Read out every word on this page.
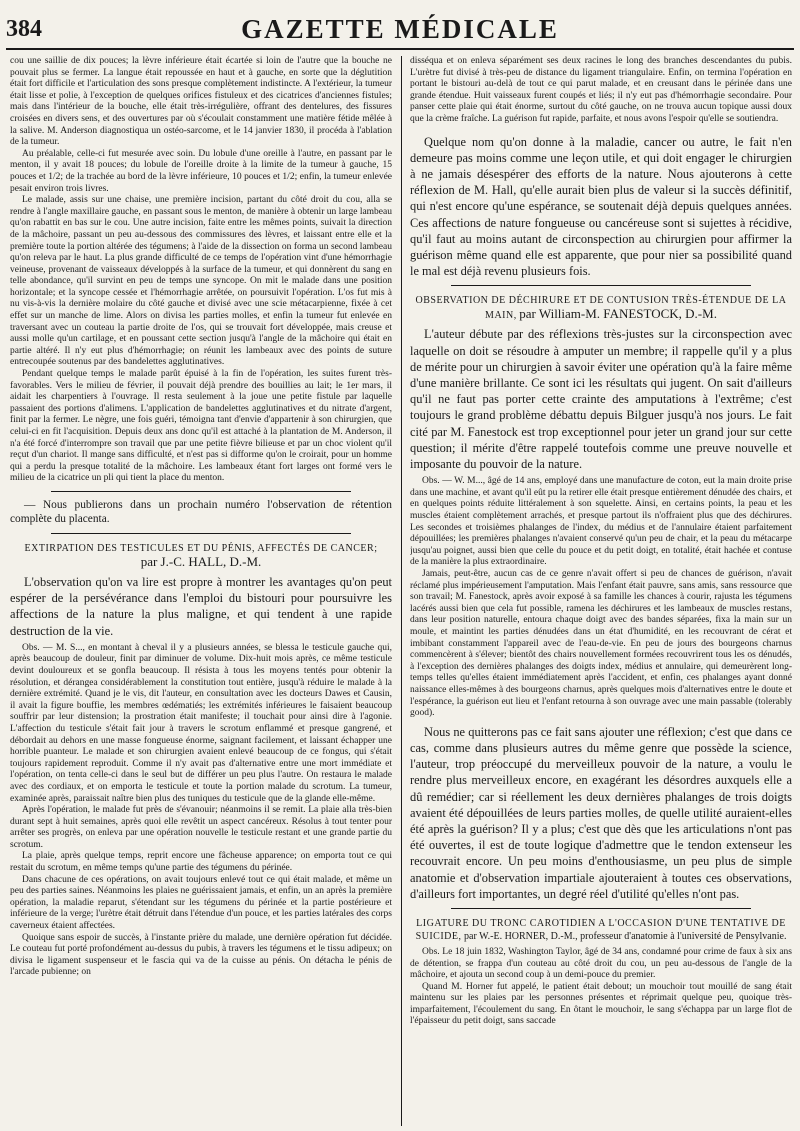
384	GAZETTE MÉDICALE

cou une saillie de dix pouces; la lèvre inférieure était écartée si loin de l'autre que la bouche ne pouvait plus se fermer. La langue était repoussée en haut et à gauche, en sorte que la déglutition était fort difficile et l'articulation des sons presque complètement indistincte. A l'extérieur, la tumeur était lisse et polie, à l'exception de quelques orifices fistuleux et des cicatrices d'anciennes fistules; mais dans l'intérieur de la bouche, elle était très-irrégulière, offrant des dentelures, des fissures croisées en divers sens, et des ouvertures par où s'écoulait constamment une matière fétide mêlée à la salive. M. Anderson diagnostiqua un ostéo-sarcome, et le 14 janvier 1830, il procéda à l'ablation de la tumeur.

Au préalable, celle-ci fut mesurée avec soin. Du lobule d'une oreille à l'autre, en passant par le menton, il y avait 18 pouces; du lobule de l'oreille droite à la limite de la tumeur à gauche, 15 pouces et 1/2; de la trachée au bord de la lèvre inférieure, 10 pouces et 1/2; enfin, la tumeur enlevée pesait environ trois livres.

Le malade, assis sur une chaise, une première incision, partant du côté droit du cou, alla se rendre à l'angle maxillaire gauche, en passant sous le menton, de manière à obtenir un large lambeau qu'on rabattit en bas sur le cou. Une autre incision, faite entre les mêmes points, suivait la direction de la mâchoire, passant un peu au-dessous des commissures des lèvres, et laissant entre elle et la première toute la portion altérée des tégumens; à l'aide de la dissection on forma un second lambeau qu'on releva par le haut. La plus grande difficulté de ce temps de l'opération vint d'une hémorrhagie veineuse, provenant de vaisseaux développés à la surface de la tumeur, et qui donnèrent du sang en telle abondance, qu'il survint en peu de temps une syncope. On mit le malade dans une position horizontale; et la syncope cessée et l'hémorrhagie arrêtée, on poursuivit l'opération. L'os fut mis à nu vis-à-vis la dernière molaire du côté gauche et divisé avec une scie métacarpienne, fixée à cet effet sur un manche de lime. Alors on divisa les parties molles, et enfin la tumeur fut enlevée en traversant avec un couteau la partie droite de l'os, qui se trouvait fort développée, mais creuse et aussi molle qu'un cartilage, et en poussant cette section jusqu'à l'angle de la mâchoire qui était en partie altéré. Il n'y eut plus d'hémorrhagie; on réunit les lambeaux avec des points de suture entrecoupée soutenus par des bandelettes agglutinatives.

Pendant quelque temps le malade parût épuisé à la fin de l'opération, les suites furent très-favorables. Vers le milieu de février, il pouvait déjà prendre des bouillies au lait; le 1er mars, il aidait les charpentiers à l'ouvrage. Il resta seulement à la joue une petite fistule par laquelle passaient des portions d'alimens. L'application de bandelettes agglutinatives et du nitrate d'argent, finit par la fermer. Le nègre, une fois guéri, témoigna tant d'envie d'appartenir à son chirurgien, que celui-ci en fit l'acquisition. Depuis deux ans donc qu'il est attaché à la plantation de M. Anderson, il n'a été forcé d'interrompre son travail que par une petite fièvre bilieuse et par un choc violent qu'il reçut d'un chariot. Il mange sans difficulté, et n'est pas si difforme qu'on le croirait, pour un homme qui a perdu la presque totalité de la mâchoire. Les lambeaux étant fort larges ont formé vers le milieu de la cicatrice un pli qui tient la place du menton.

— Nous publierons dans un prochain numéro l'observation de rétention complète du placenta.

EXTIRPATION DES TESTICULES ET DU PÉNIS, AFFECTÉS DE CANCER;
par J.-C. HALL, D.-M.

L'observation qu'on va lire est propre à montrer les avantages qu'on peut espérer de la persévérance dans l'emploi du bistouri pour poursuivre les affections de la nature la plus maligne, et qui tendent à une rapide destruction de la vie.

Obs. — M. S..., en montant à cheval il y a plusieurs années, se blessa le testicule gauche qui, après beaucoup de douleur, finit par diminuer de volume. Dix-huit mois après, ce même testicule devint douloureux et se gonfla beaucoup. Il résista à tous les moyens tentés pour obtenir la résolution, et dérangea considérablement la constitution tout entière, jusqu'à réduire le malade à la dernière extrémité. Quand je le vis, dit l'auteur, en consultation avec les docteurs Dawes et Causin, il avait la figure bouffie, les membres œdématiés; les extrémités inférieures le faisaient beaucoup souffrir par leur distension; la prostration était manifeste; il touchait pour ainsi dire à l'agonie. L'affection du testicule s'était fait jour à travers le scrotum enflammé et presque gangrené, et débordait au dehors en une masse fongueuse énorme, saignant facilement, et laissant échapper une horrible puanteur. Le malade et son chirurgien avaient enlevé beaucoup de ce fongus, qui s'était toujours rapidement reproduit. Comme il n'y avait pas d'alternative entre une mort immédiate et l'opération, on tenta celle-ci dans le seul but de différer un peu plus l'autre. On restaura le malade avec des cordiaux, et on emporta le testicule et toute la portion malade du scrotum. La tumeur, examinée après, paraissait naître bien plus des tuniques du testicule que de la glande elle-même.

Après l'opération, le malade fut près de s'évanouir; néanmoins il se remit. La plaie alla très-bien durant sept à huit semaines, après quoi elle revêtit un aspect cancéreux. Résolus à tout tenter pour arrêter ses progrès, on enleva par une opération nouvelle le testicule restant et une grande partie du scrotum.

La plaie, après quelque temps, reprit encore une fâcheuse apparence; on emporta tout ce qui restait du scrotum, en même temps qu'une partie des tégumens du périnée.

Dans chacune de ces opérations, on avait toujours enlevé tout ce qui était malade, et même un peu des parties saines. Néanmoins les plaies ne guérissaient jamais, et enfin, un an après la première opération, la maladie reparut, s'étendant sur les tégumens du périnée et la partie postérieure et inférieure de la verge; l'urètre était détruit dans l'étendue d'un pouce, et les parties latérales des corps caverneux étaient affectées.

Quoique sans espoir de succès, à l'instante prière du malade, une dernière opération fut décidée. Le couteau fut porté profondément au-dessus du pubis, à travers les tégumens et le tissu adipeux; on divisa le ligament suspenseur et le fascia qui va de la cuisse au pénis. On détacha le pénis de l'arcade pubienne; on

disséqua et on enleva séparément ses deux racines le long des branches descendantes du pubis. L'urètre fut divisé à très-peu de distance du ligament triangulaire. Enfin, on termina l'opération en portant le bistouri au-delà de tout ce qui parut malade, et en creusant dans le périnée dans une grande étendue. Huit vaisseaux furent coupés et liés; il n'y eut pas d'hémorrhagie secondaire. Pour panser cette plaie qui était énorme, surtout du côté gauche, on ne trouva aucun topique aussi doux que la crème fraîche. La guérison fut rapide, parfaite, et nous avons l'espoir qu'elle se soutiendra.

Quelque nom qu'on donne à la maladie, cancer ou autre, le fait n'en demeure pas moins comme une leçon utile, et qui doit engager le chirurgien à ne jamais désespérer des efforts de la nature. Nous ajouterons à cette réflexion de M. Hall, qu'elle aurait bien plus de valeur si la succès définitif, qui n'est encore qu'une espérance, se soutenait déjà depuis quelques années. Ces affections de nature fongueuse ou cancéreuse sont si sujettes à récidive, qu'il faut au moins autant de circonspection au chirurgien pour affirmer la guérison même quand elle est apparente, que pour nier sa possibilité quand le mal est déjà revenu plusieurs fois.

OBSERVATION DE DÉCHIRURE ET DE CONTUSION TRÈS-ÉTENDUE DE LA MAIN, par William-M. FANESTOCK, D.-M.

L'auteur débute par des réflexions très-justes sur la circonspection avec laquelle on doit se résoudre à amputer un membre; il rappelle qu'il y a plus de mérite pour un chirurgien à savoir éviter une opération qu'à la faire même d'une manière brillante. Ce sont ici les résultats qui jugent. On sait d'ailleurs qu'il ne faut pas porter cette crainte des amputations à l'extrême; c'est toujours le grand problème débattu depuis Bilguer jusqu'à nos jours. Le fait cité par M. Fanestock est trop exceptionnel pour jeter un grand jour sur cette question; il mérite d'être rappelé toutefois comme une preuve nouvelle et imposante du pouvoir de la nature.

Obs. — W. M..., âgé de 14 ans, employé dans une manufacture de coton, eut la main droite prise dans une machine, et avant qu'il eût pu la retirer elle était presque entièrement dénudée des chairs, et en quelques points réduite littéralement à son squelette. Ainsi, en certains points, la peau et les muscles étaient complètement arrachés, et presque partout ils n'offraient plus que des déchirures. Les secondes et troisièmes phalanges de l'index, du médius et de l'annulaire étaient parfaitement dépouillées; les premières phalanges n'avaient conservé qu'un peu de chair, et la peau du métacarpe jusqu'au poignet, aussi bien que celle du pouce et du petit doigt, en totalité, était hachée et contuse de la manière la plus extraordinaire.

Jamais, peut-être, aucun cas de ce genre n'avait offert si peu de chances de guérison, n'avait réclamé plus impérieusement l'amputation. Mais l'enfant était pauvre, sans amis, sans ressource que son travail; M. Fanestock, après avoir exposé à sa famille les chances à courir, rajusta les tégumens lacérés aussi bien que cela fut possible, ramena les déchirures et les lambeaux de muscles restans, dans leur position naturelle, entoura chaque doigt avec des bandes séparées, fixa la main sur un moule, et maintint les parties dénudées dans un état d'humidité, en les recouvrant de cérat et imbibant constamment l'appareil avec de l'eau-de-vie. En peu de jours des bourgeons charnus commencèrent à s'élever; bientôt des chairs nouvellement formées recouvrirent tous les os dénudés, à l'exception des dernières phalanges des doigts index, médius et annulaire, qui demeurèrent long-temps telles qu'elles étaient immédiatement après l'accident, et enfin, ces phalanges ayant donné naissance elles-mêmes à des bourgeons charnus, après quelques mois d'alternatives entre le doute et l'espérance, la guérison eut lieu et l'enfant retourna à son ouvrage avec une main passable (tolerably good).

Nous ne quitterons pas ce fait sans ajouter une réflexion; c'est que dans ce cas, comme dans plusieurs autres du même genre que possède la science, l'auteur, trop préoccupé du merveilleux pouvoir de la nature, a voulu le rendre plus merveilleux encore, en exagérant les désordres auxquels elle a dû remédier; car si réellement les deux dernières phalanges de trois doigts avaient été dépouillées de leurs parties molles, de quelle utilité auraient-elles été après la guérison? Il y a plus; c'est que dès que les articulations n'ont pas été ouvertes, il est de toute logique d'admettre que le tendon extenseur les recouvrait encore. Un peu moins d'enthousiasme, un peu plus de simple anatomie et d'observation impartiale ajouteraient à toutes ces observations, d'ailleurs fort importantes, un degré réel d'utilité qu'elles n'ont pas.

LIGATURE DU TRONC CAROTIDIEN A L'OCCASION D'UNE TENTATIVE DE SUICIDE, par W.-E. HORNER, D.-M., professeur d'anatomie à l'université de Pensylvanie.

Obs. Le 18 juin 1832, Washington Taylor, âgé de 34 ans, condamné pour crime de faux à six ans de détention, se frappa d'un couteau au côté droit du cou, un peu au-dessous de l'angle de la mâchoire, et ajouta un second coup à un demi-pouce du premier.

Quand M. Horner fut appelé, le patient était debout; un mouchoir tout mouillé de sang était maintenu sur les plaies par les personnes présentes et réprimait quelque peu, quoique très-imparfaitement, l'écoulement du sang. En ôtant le mouchoir, le sang s'échappa par un large flot de l'épaisseur du petit doigt, sans saccade
